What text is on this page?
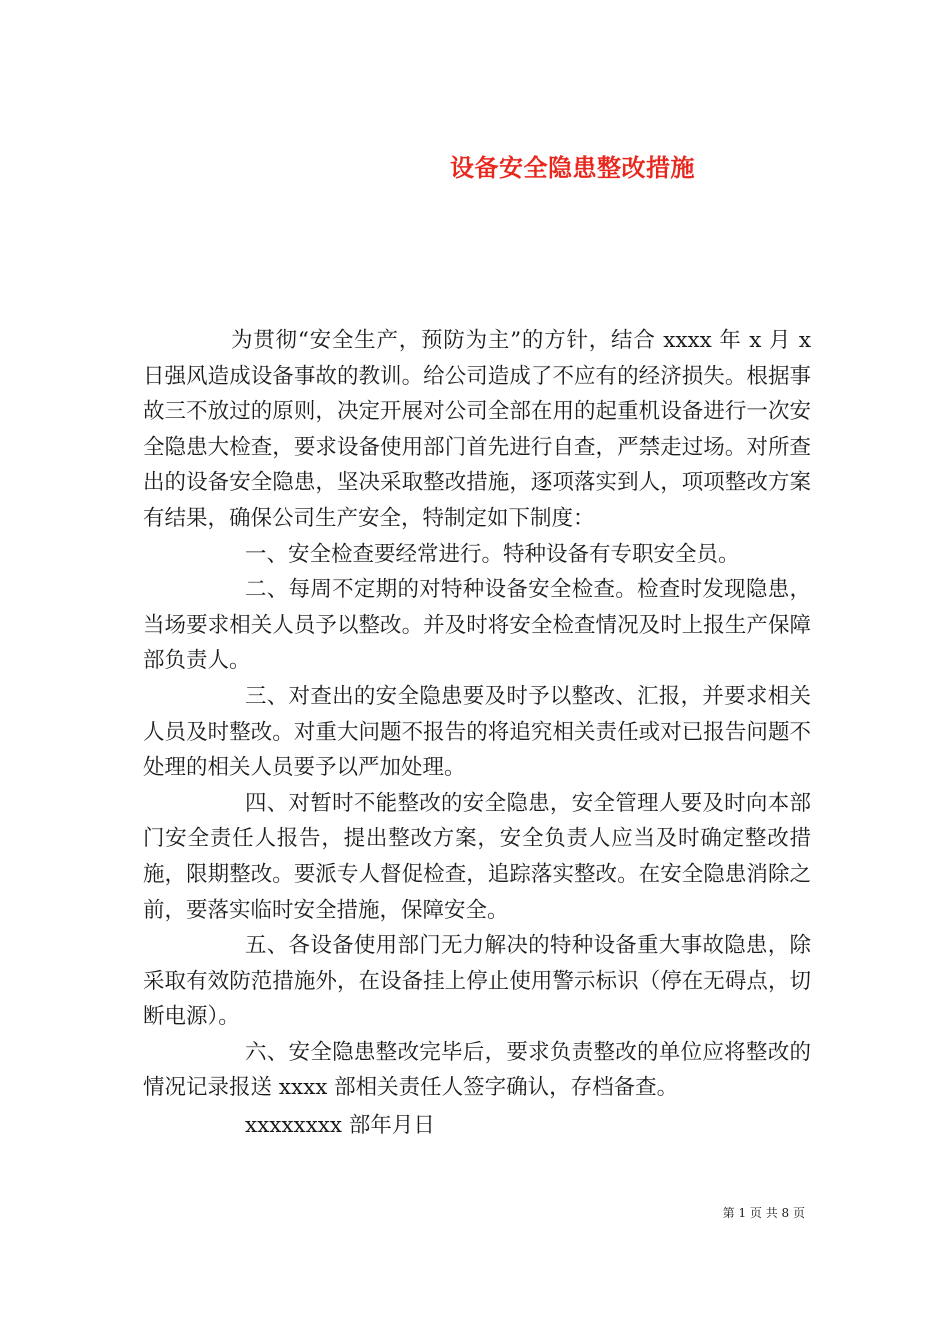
设备安全隐患整改措施

为贯彻“安全生产，预防为主”的方针，结合 xxxx 年 x 月 x 日强风造成设备事故的教训。给公司造成了不应有的经济损失。根据事故三不放过的原则，决定开展对公司全部在用的起重机设备进行一次安全隐患大检查，要求设备使用部门首先进行自查，严禁走过场。对所查出的设备安全隐患，坚决采取整改措施，逐项落实到人，项项整改方案有结果，确保公司生产安全，特制定如下制度：

一、安全检查要经常进行。特种设备有专职安全员。

二、每周不定期的对特种设备安全检查。检查时发现隐患，当场要求相关人员予以整改。并及时将安全检查情况及时上报生产保障部负责人。

三、对查出的安全隐患要及时予以整改、汇报，并要求相关人员及时整改。对重大问题不报告的将追究相关责任或对已报告问题不处理的相关人员要予以严加处理。

四、对暂时不能整改的安全隐患，安全管理人要及时向本部门安全责任人报告，提出整改方案，安全负责人应当及时确定整改措施，限期整改。要派专人督促检查，追踪落实整改。在安全隐患消除之前，要落实临时安全措施，保障安全。

五、各设备使用部门无力解决的特种设备重大事故隐患，除采取有效防范措施外，在设备挂上停止使用警示标识（停在无碍点，切断电源）。

六、安全隐患整改完毕后，要求负责整改的单位应将整改的情况记录报送 xxxx 部相关责任人签字确认，存档备查。

xxxxxxxx 部年月日

第 1 页 共 8 页
